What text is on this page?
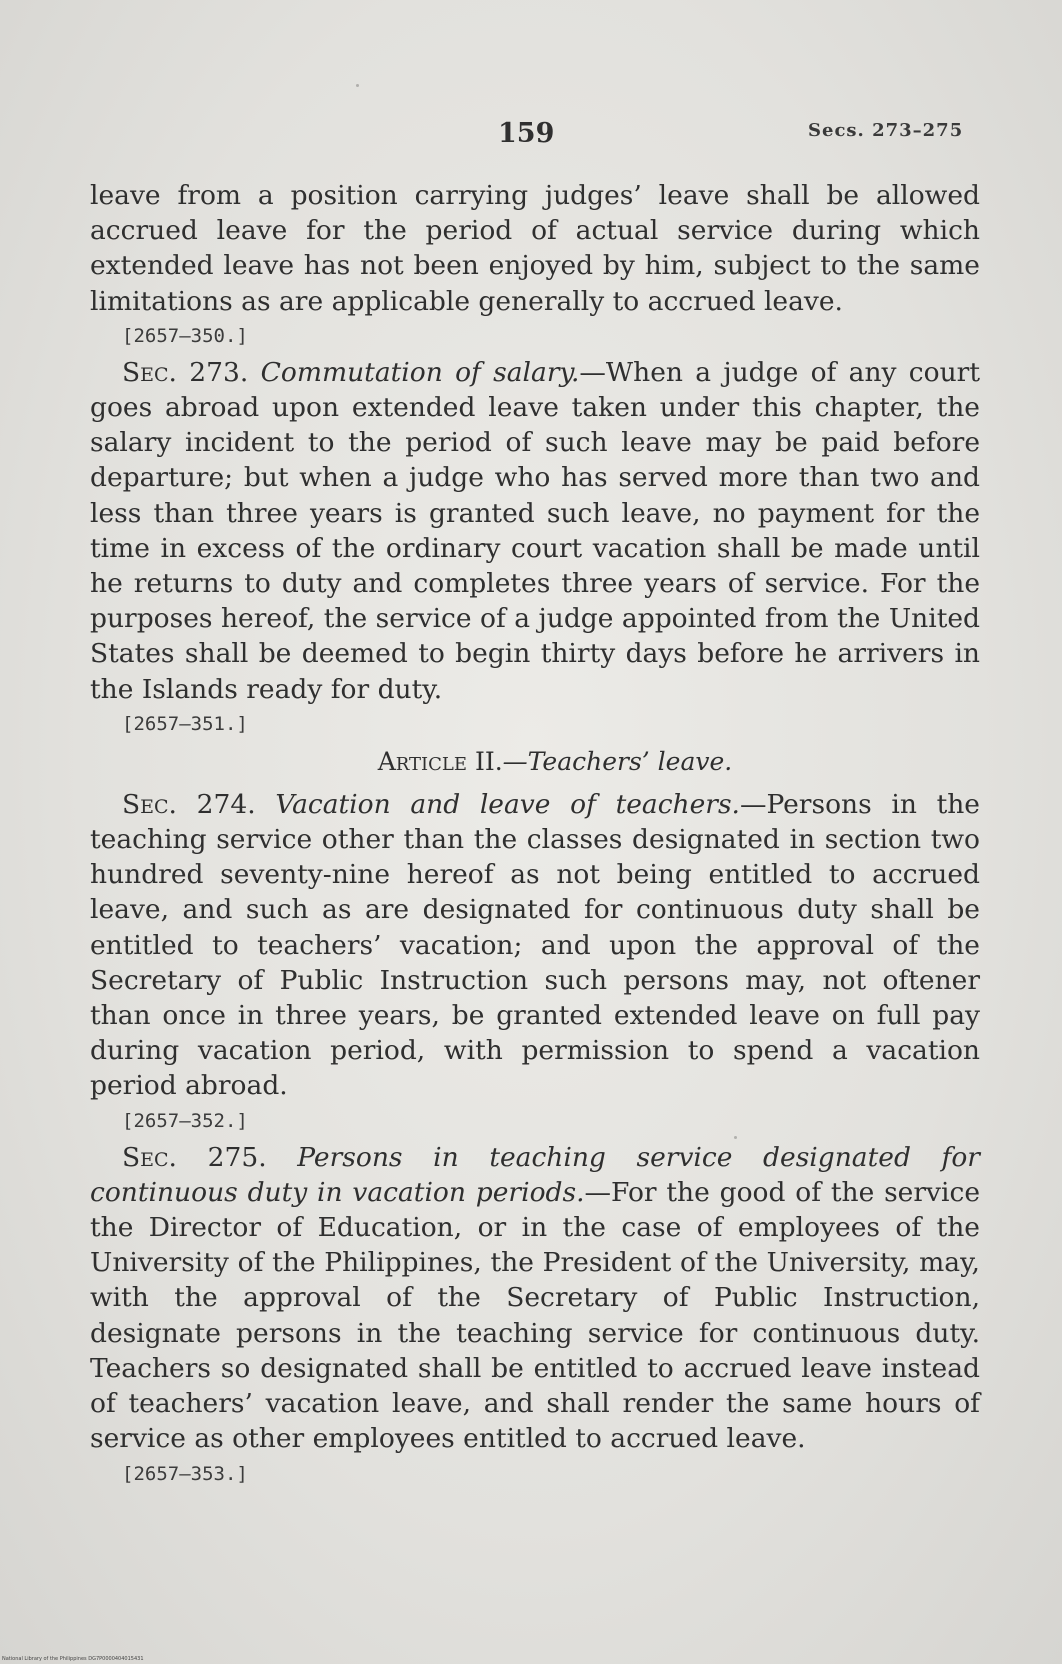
159	Secs. 273–275

leave from a position carrying judges’ leave shall be allowed accrued leave for the period of actual service during which extended leave has not been enjoyed by him, subject to the same limitations as are applicable generally to accrued leave.

[2657—350.]

Sec. 273. Commutation of salary.—When a judge of any court goes abroad upon extended leave taken under this chapter, the salary incident to the period of such leave may be paid before departure; but when a judge who has served more than two and less than three years is granted such leave, no payment for the time in excess of the ordinary court vacation shall be made until he returns to duty and completes three years of service. For the purposes hereof, the service of a judge appointed from the United States shall be deemed to begin thirty days before he arrivers in the Islands ready for duty.

[2657—351.]
Article II.—Teachers’ leave.

Sec. 274. Vacation and leave of teachers.—Persons in the teaching service other than the classes designated in section two hundred seventy-nine hereof as not being entitled to accrued leave, and such as are designated for continuous duty shall be entitled to teachers’ vacation; and upon the approval of the Secretary of Public Instruction such persons may, not oftener than once in three years, be granted extended leave on full pay during vacation period, with permission to spend a vacation period abroad.

[2657—352.]

Sec. 275. Persons in teaching service designated for continuous duty in vacation periods.—For the good of the service the Director of Education, or in the case of employees of the University of the Philippines, the President of the University, may, with the approval of the Secretary of Public Instruction, designate persons in the teaching service for continuous duty. Teachers so designated shall be entitled to accrued leave instead of teachers’ vacation leave, and shall render the same hours of service as other employees entitled to accrued leave.

[2657—353.]
National Library of the Philippines DG7P0000404015431
